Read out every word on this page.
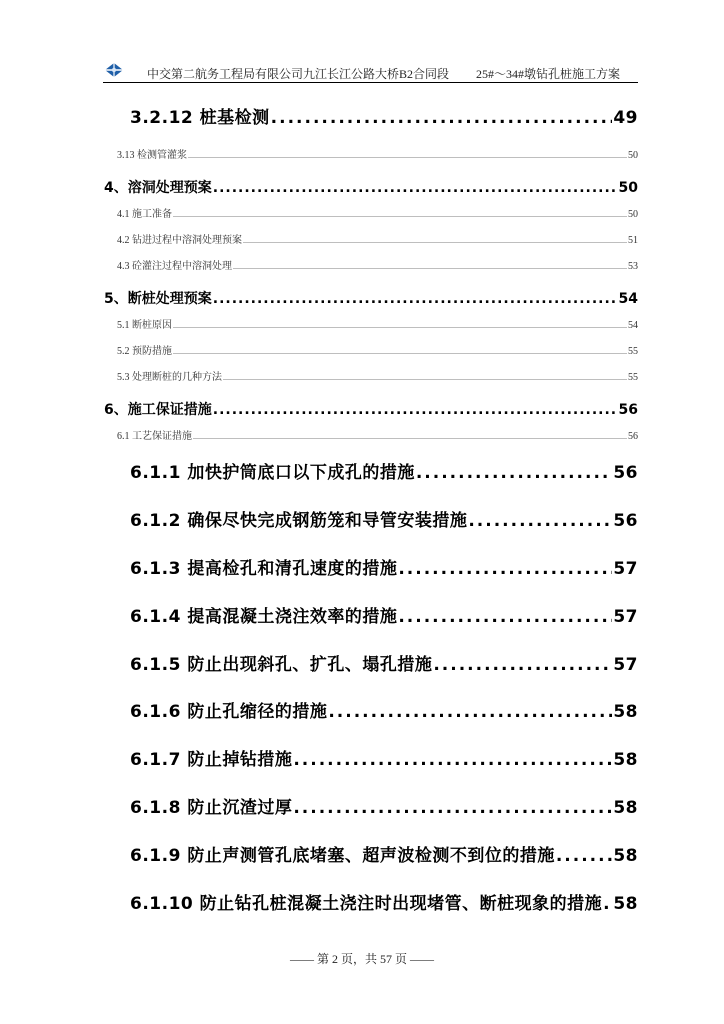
中交第二航务工程局有限公司九江长江公路大桥B2合同段 25#～34#墩钻孔桩施工方案
3.2.12 桩基检测 .....	49
3.13 检测管灌浆 .....	50
4、溶洞处理预案 .....	50
4.1 施工准备 .....	50
4.2 钻进过程中溶洞处理预案 .....	51
4.3 砼灌注过程中溶洞处理 .....	53
5、断桩处理预案 .....	54
5.1 断桩原因 .....	54
5.2 预防措施 .....	55
5.3 处理断桩的几种方法 .....	55
6、施工保证措施 .....	56
6.1 工艺保证措施 .....	56
6.1.1 加快护筒底口以下成孔的措施 .....	56
6.1.2 确保尽快完成钢筋笼和导管安装措施 .....	56
6.1.3 提高检孔和清孔速度的措施 .....	57
6.1.4 提高混凝土浇注效率的措施 .....	57
6.1.5 防止出现斜孔、扩孔、塌孔措施 .....	57
6.1.6 防止孔缩径的措施 .....	58
6.1.7 防止掉钻措施 .....	58
6.1.8 防止沉渣过厚 .....	58
6.1.9 防止声测管孔底堵塞、超声波检测不到位的措施 .....	58
6.1.10 防止钻孔桩混凝土浇注时出现堵管、断桩现象的措施 ..... 58
—— 第 2 页，共 57 页 ——
